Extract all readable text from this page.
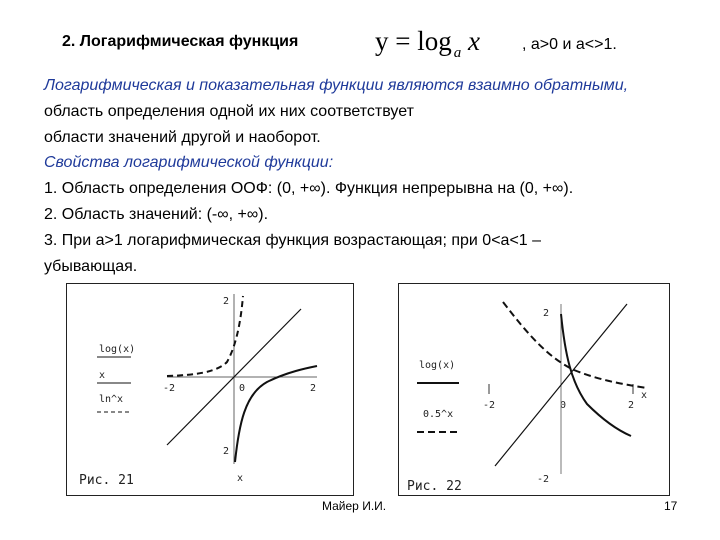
2. Логарифмическая функция	y = log $_a$ x	, a>0 и a<>1.
Логарифмическая и показательная функции являются взаимно обратными, область определения одной их них соответствует
области значений другой и наоборот.
Свойства логарифмической функции:
1. Область определения ООФ: (0, +∞). Функция непрерывна на (0, +∞).
2. Область значений: (-∞, +∞).
3. При a>1 логарифмическая функция возрастающая; при 0<a<1 –
убывающая.
2
2
-2	0	2
x
log(x)
x
ln^x
Рис. 21
2
-2
-2	0	2
x
log(x)
0.5^x
Рис. 22
Майер И.И.	17
